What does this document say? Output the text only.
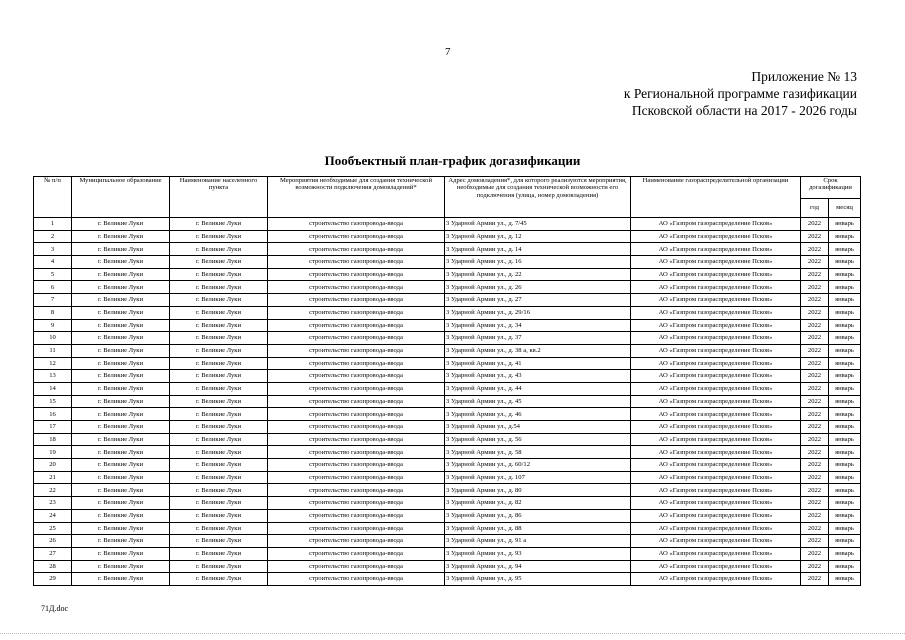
7
Приложение № 13
к Региональной программе газификации
Псковской области на 2017 - 2026 годы
Пообъектный план-график догазификации
№ п/п	Муниципальное образование	Наименование населенного пункта	Мероприятия необходимые для создания технической возможности подключения домовладений*	Адрес домовладения*, для которого реализуются мероприятия, необходимые для создания технической возможности его подключения (улица, номер домовладения)	Наименование газораспределительной организации	Срок догазификации	
						год	месяц
1	г. Великие Луки	г. Великие Луки	строительство газопровода-ввода	3 Ударной Армии ул., д. 7/45	АО «Газпром газораспределение Псков»	2022	январь
2	г. Великие Луки	г. Великие Луки	строительство газопровода-ввода	3 Ударной Армии ул., д. 12	АО «Газпром газораспределение Псков»	2022	январь
3	г. Великие Луки	г. Великие Луки	строительство газопровода-ввода	3 Ударной Армии ул., д. 14	АО «Газпром газораспределение Псков»	2022	январь
4	г. Великие Луки	г. Великие Луки	строительство газопровода-ввода	3 Ударной Армии ул., д. 16	АО «Газпром газораспределение Псков»	2022	январь
5	г. Великие Луки	г. Великие Луки	строительство газопровода-ввода	3 Ударной Армии ул., д. 22	АО «Газпром газораспределение Псков»	2022	январь
6	г. Великие Луки	г. Великие Луки	строительство газопровода-ввода	3 Ударной Армии ул., д. 26	АО «Газпром газораспределение Псков»	2022	январь
7	г. Великие Луки	г. Великие Луки	строительство газопровода-ввода	3 Ударной Армии ул., д. 27	АО «Газпром газораспределение Псков»	2022	январь
8	г. Великие Луки	г. Великие Луки	строительство газопровода-ввода	3 Ударной Армии ул., д. 29/16	АО «Газпром газораспределение Псков»	2022	январь
9	г. Великие Луки	г. Великие Луки	строительство газопровода-ввода	3 Ударной Армии ул., д. 34	АО «Газпром газораспределение Псков»	2022	январь
10	г. Великие Луки	г. Великие Луки	строительство газопровода-ввода	3 Ударной Армии ул., д. 37	АО «Газпром газораспределение Псков»	2022	январь
11	г. Великие Луки	г. Великие Луки	строительство газопровода-ввода	3 Ударной Армии ул., д. 38 а, кв.2	АО «Газпром газораспределение Псков»	2022	январь
12	г. Великие Луки	г. Великие Луки	строительство газопровода-ввода	3 Ударной Армии ул., д. 41	АО «Газпром газораспределение Псков»	2022	январь
13	г. Великие Луки	г. Великие Луки	строительство газопровода-ввода	3 Ударной Армии ул., д. 43	АО «Газпром газораспределение Псков»	2022	январь
14	г. Великие Луки	г. Великие Луки	строительство газопровода-ввода	3 Ударной Армии ул., д. 44	АО «Газпром газораспределение Псков»	2022	январь
15	г. Великие Луки	г. Великие Луки	строительство газопровода-ввода	3 Ударной Армии ул., д. 45	АО «Газпром газораспределение Псков»	2022	январь
16	г. Великие Луки	г. Великие Луки	строительство газопровода-ввода	3 Ударной Армии ул., д. 46	АО «Газпром газораспределение Псков»	2022	январь
17	г. Великие Луки	г. Великие Луки	строительство газопровода-ввода	3 Ударной Армии ул., д.54	АО «Газпром газораспределение Псков»	2022	январь
18	г. Великие Луки	г. Великие Луки	строительство газопровода-ввода	3 Ударной Армии ул., д. 56	АО «Газпром газораспределение Псков»	2022	январь
19	г. Великие Луки	г. Великие Луки	строительство газопровода-ввода	3 Ударной Армии ул., д. 58	АО «Газпром газораспределение Псков»	2022	январь
20	г. Великие Луки	г. Великие Луки	строительство газопровода-ввода	3 Ударной Армии ул., д. 60/12	АО «Газпром газораспределение Псков»	2022	январь
21	г. Великие Луки	г. Великие Луки	строительство газопровода-ввода	3 Ударной Армии ул., д. 107	АО «Газпром газораспределение Псков»	2022	январь
22	г. Великие Луки	г. Великие Луки	строительство газопровода-ввода	3 Ударной Армии ул., д. 80	АО «Газпром газораспределение Псков»	2022	январь
23	г. Великие Луки	г. Великие Луки	строительство газопровода-ввода	3 Ударной Армии ул., д. 82	АО «Газпром газораспределение Псков»	2022	январь
24	г. Великие Луки	г. Великие Луки	строительство газопровода-ввода	3 Ударной Армии ул., д. 86	АО «Газпром газораспределение Псков»	2022	январь
25	г. Великие Луки	г. Великие Луки	строительство газопровода-ввода	3 Ударной Армии ул., д. 88	АО «Газпром газораспределение Псков»	2022	январь
26	г. Великие Луки	г. Великие Луки	строительство газопровода-ввода	3 Ударной Армии ул., д. 91 а	АО «Газпром газораспределение Псков»	2022	январь
27	г. Великие Луки	г. Великие Луки	строительство газопровода-ввода	3 Ударной Армии ул., д. 93	АО «Газпром газораспределение Псков»	2022	январь
28	г. Великие Луки	г. Великие Луки	строительство газопровода-ввода	3 Ударной Армии ул., д. 94	АО «Газпром газораспределение Псков»	2022	январь
29	г. Великие Луки	г. Великие Луки	строительство газопровода-ввода	3 Ударной Армии ул., д. 95	АО «Газпром газораспределение Псков»	2022	январь
71Д.doc
